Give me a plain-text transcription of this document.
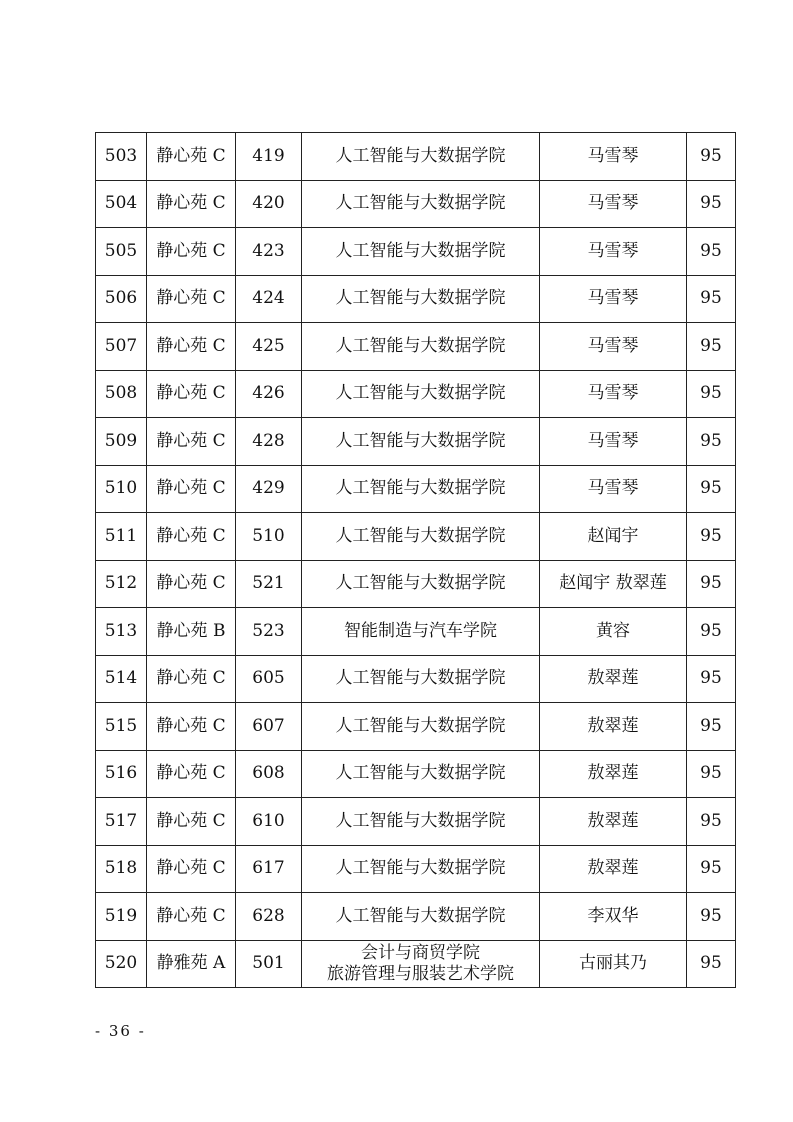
503	静心苑 C	419	人工智能与大数据学院	马雪琴	95
504	静心苑 C	420	人工智能与大数据学院	马雪琴	95
505	静心苑 C	423	人工智能与大数据学院	马雪琴	95
506	静心苑 C	424	人工智能与大数据学院	马雪琴	95
507	静心苑 C	425	人工智能与大数据学院	马雪琴	95
508	静心苑 C	426	人工智能与大数据学院	马雪琴	95
509	静心苑 C	428	人工智能与大数据学院	马雪琴	95
510	静心苑 C	429	人工智能与大数据学院	马雪琴	95
511	静心苑 C	510	人工智能与大数据学院	赵闻宇	95
512	静心苑 C	521	人工智能与大数据学院	赵闻宇 敖翠莲	95
513	静心苑 B	523	智能制造与汽车学院	黄容	95
514	静心苑 C	605	人工智能与大数据学院	敖翠莲	95
515	静心苑 C	607	人工智能与大数据学院	敖翠莲	95
516	静心苑 C	608	人工智能与大数据学院	敖翠莲	95
517	静心苑 C	610	人工智能与大数据学院	敖翠莲	95
518	静心苑 C	617	人工智能与大数据学院	敖翠莲	95
519	静心苑 C	628	人工智能与大数据学院	李双华	95
520	静雅苑 A	501	会计与商贸学院
旅游管理与服装艺术学院	古丽其乃	95
- 36 -
